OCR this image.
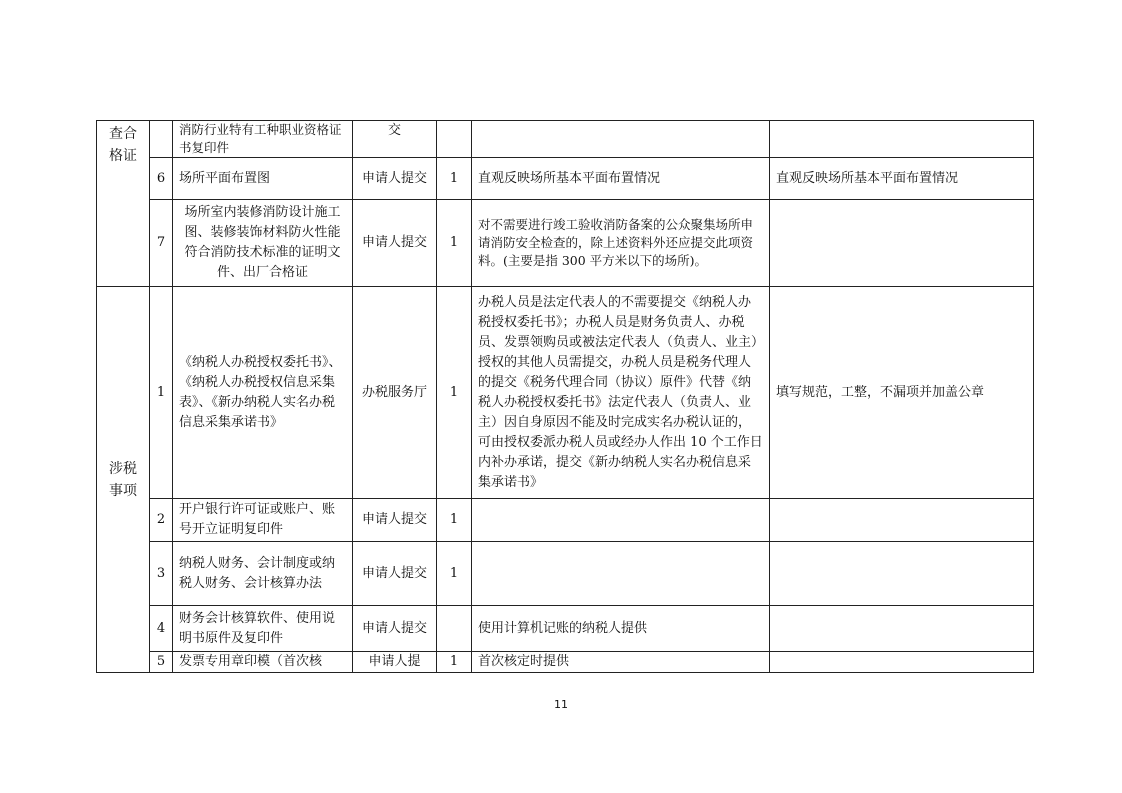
查合格证		消防行业特有工种职业资格证书复印件	交			
	6	场所平面布置图	申请人提交	1	直观反映场所基本平面布置情况	直观反映场所基本平面布置情况
	7	场所室内装修消防设计施工图、装修装饰材料防火性能符合消防技术标准的证明文件、出厂合格证	申请人提交	1	对不需要进行竣工验收消防备案的公众聚集场所申请消防安全检查的，除上述资料外还应提交此项资料。(主要是指 300 平方米以下的场所)。	
涉税事项	1	《纳税人办税授权委托书》、《纳税人办税授权信息采集表》、《新办纳税人实名办税信息采集承诺书》	办税服务厅	1	办税人员是法定代表人的不需要提交《纳税人办税授权委托书》；办税人员是财务负责人、办税员、发票领购员或被法定代表人（负责人、业主）授权的其他人员需提交，办税人员是税务代理人的提交《税务代理合同（协议）原件》代替《纳税人办税授权委托书》法定代表人（负责人、业主）因自身原因不能及时完成实名办税认证的，可由授权委派办税人员或经办人作出 10 个工作日内补办承诺，提交《新办纳税人实名办税信息采集承诺书》	填写规范，工整，不漏项并加盖公章
	2	开户银行许可证或账户、账号开立证明复印件	申请人提交	1		
	3	纳税人财务、会计制度或纳税人财务、会计核算办法	申请人提交	1		
	4	财务会计核算软件、使用说明书原件及复印件	申请人提交		使用计算机记账的纳税人提供	
	5	发票专用章印模（首次核	申请人提	1	首次核定时提供	
11
